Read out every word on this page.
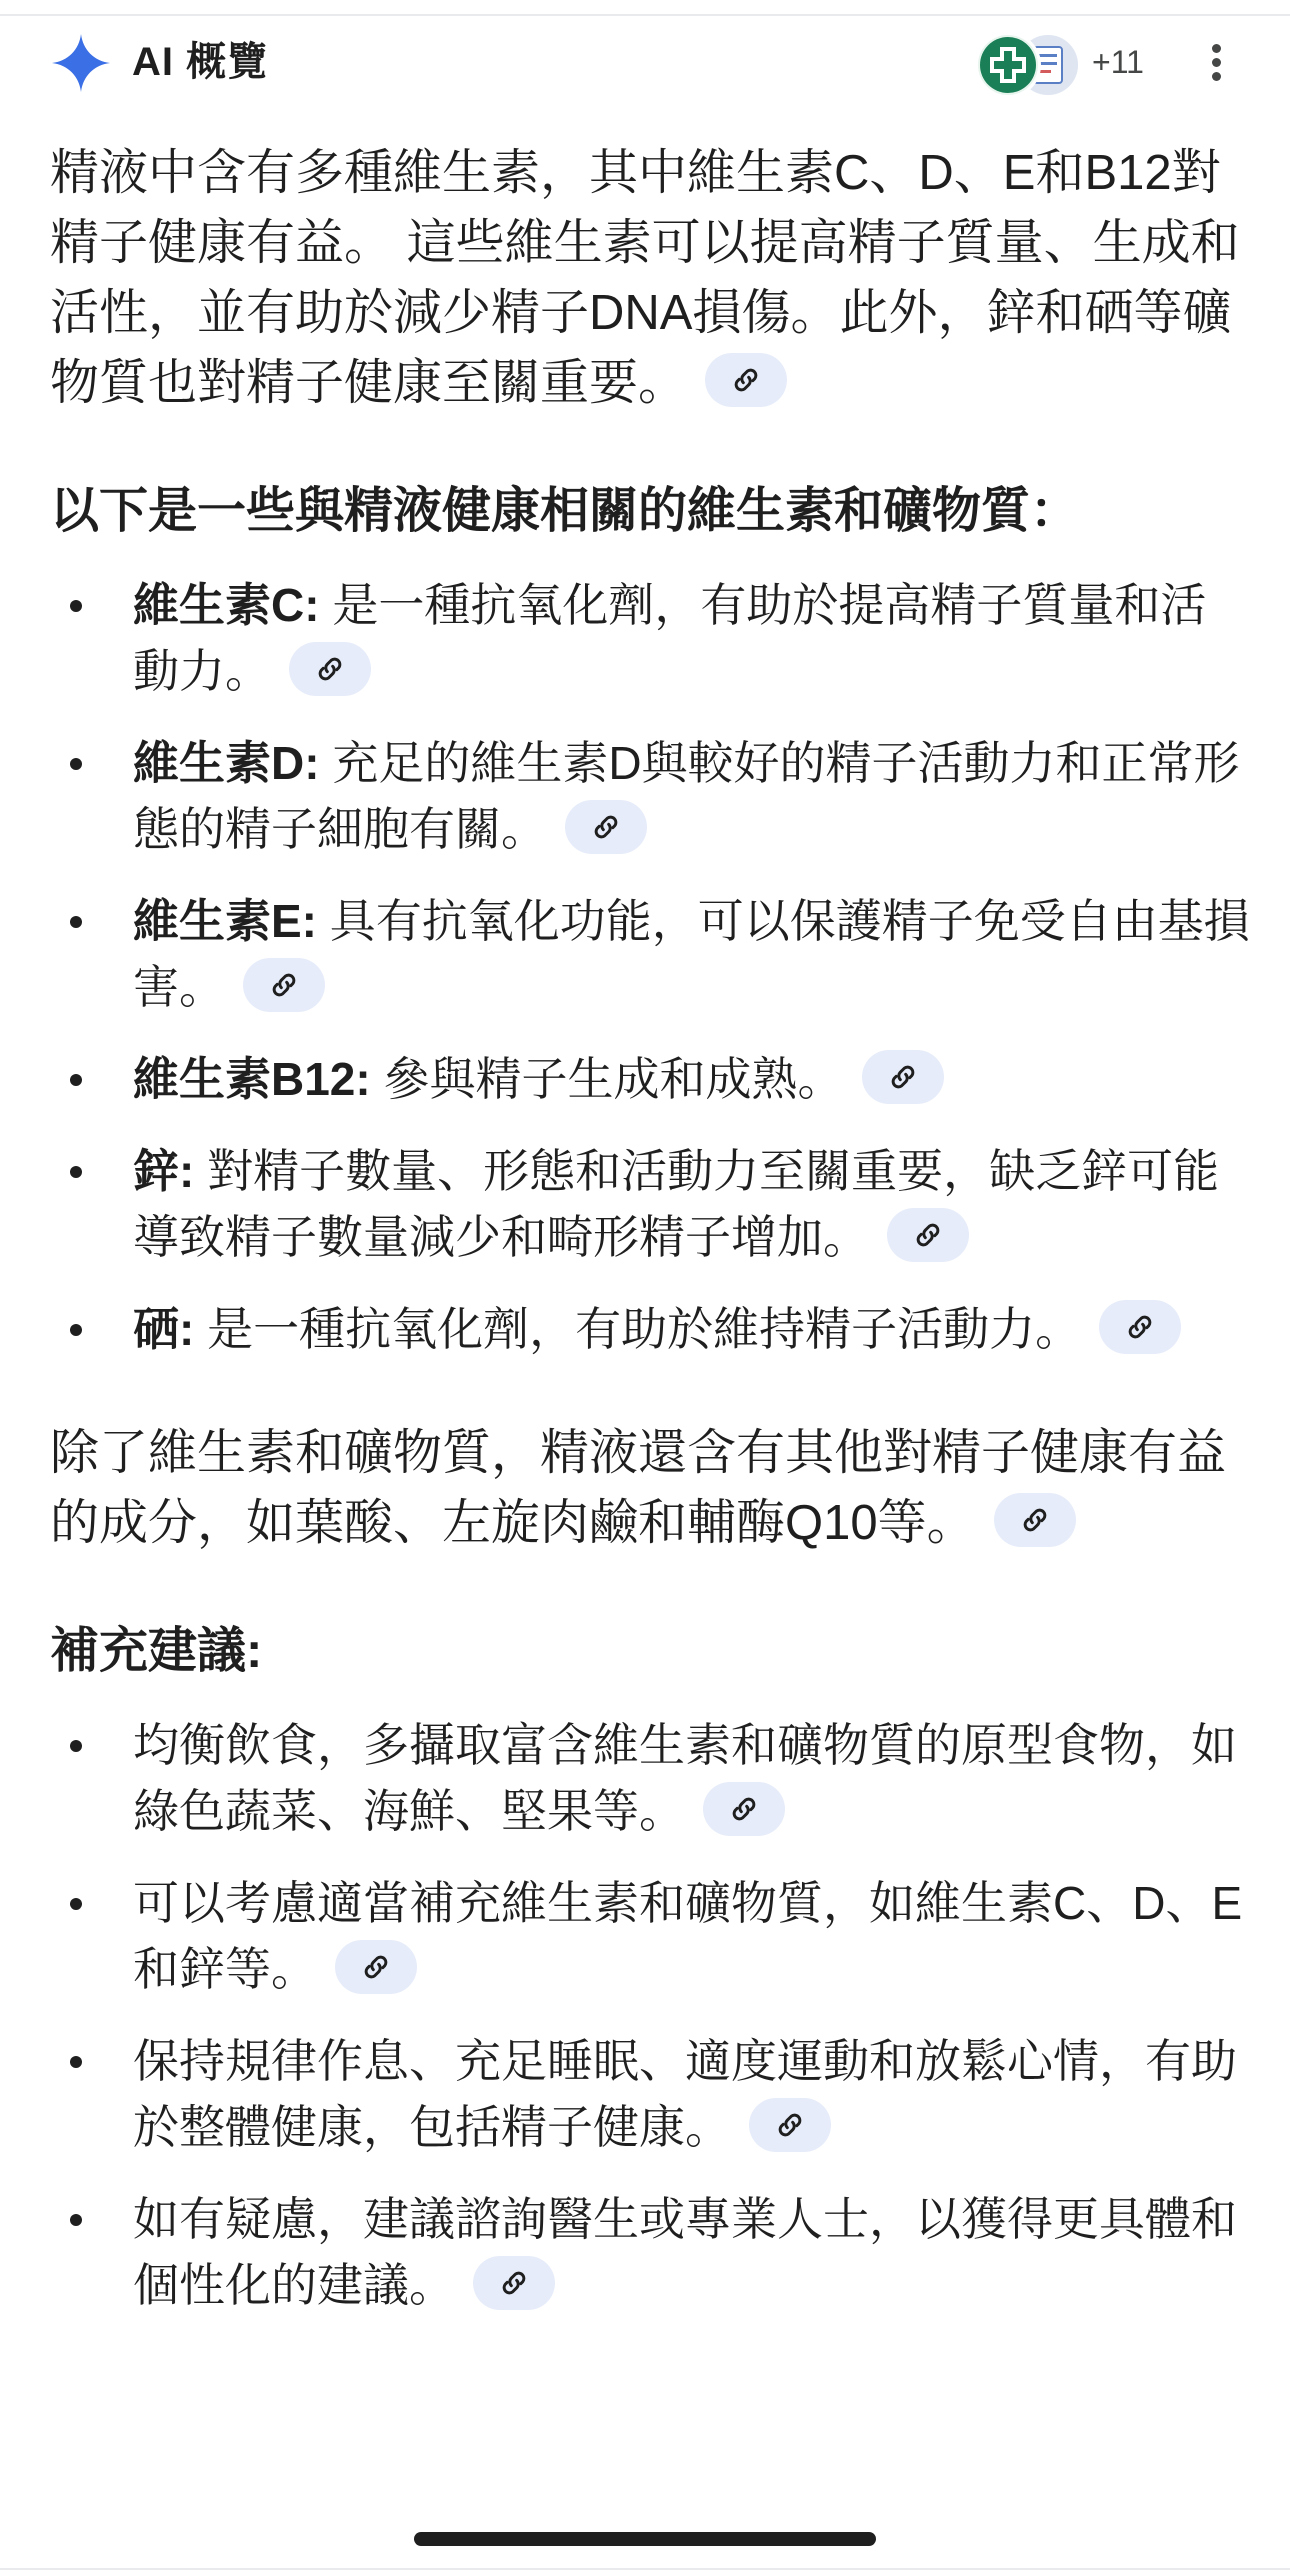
AI 概覽	+11

精液中含有多種維生素，其中維生素C、D、E和B12對精子健康有益。 這些維生素可以提高精子質量、生成和活性，並有助於減少精子DNA損傷。此外，鋅和硒等礦物質也對精子健康至關重要。

以下是一些與精液健康相關的維生素和礦物質：
維生素C: 是一種抗氧化劑，有助於提高精子質量和活動力。
維生素D: 充足的維生素D與較好的精子活動力和正常形態的精子細胞有關。
維生素E: 具有抗氧化功能，可以保護精子免受自由基損害。
維生素B12: 參與精子生成和成熟。
鋅: 對精子數量、形態和活動力至關重要，缺乏鋅可能導致精子數量減少和畸形精子增加。
硒: 是一種抗氧化劑，有助於維持精子活動力。

除了維生素和礦物質，精液還含有其他對精子健康有益的成分，如葉酸、左旋肉鹼和輔酶Q10等。

補充建議:
均衡飲食，多攝取富含維生素和礦物質的原型食物，如綠色蔬菜、海鮮、堅果等。
可以考慮適當補充維生素和礦物質，如維生素C、D、E和鋅等。
保持規律作息、充足睡眠、適度運動和放鬆心情，有助於整體健康，包括精子健康。
如有疑慮，建議諮詢醫生或專業人士，以獲得更具體和個性化的建議。
